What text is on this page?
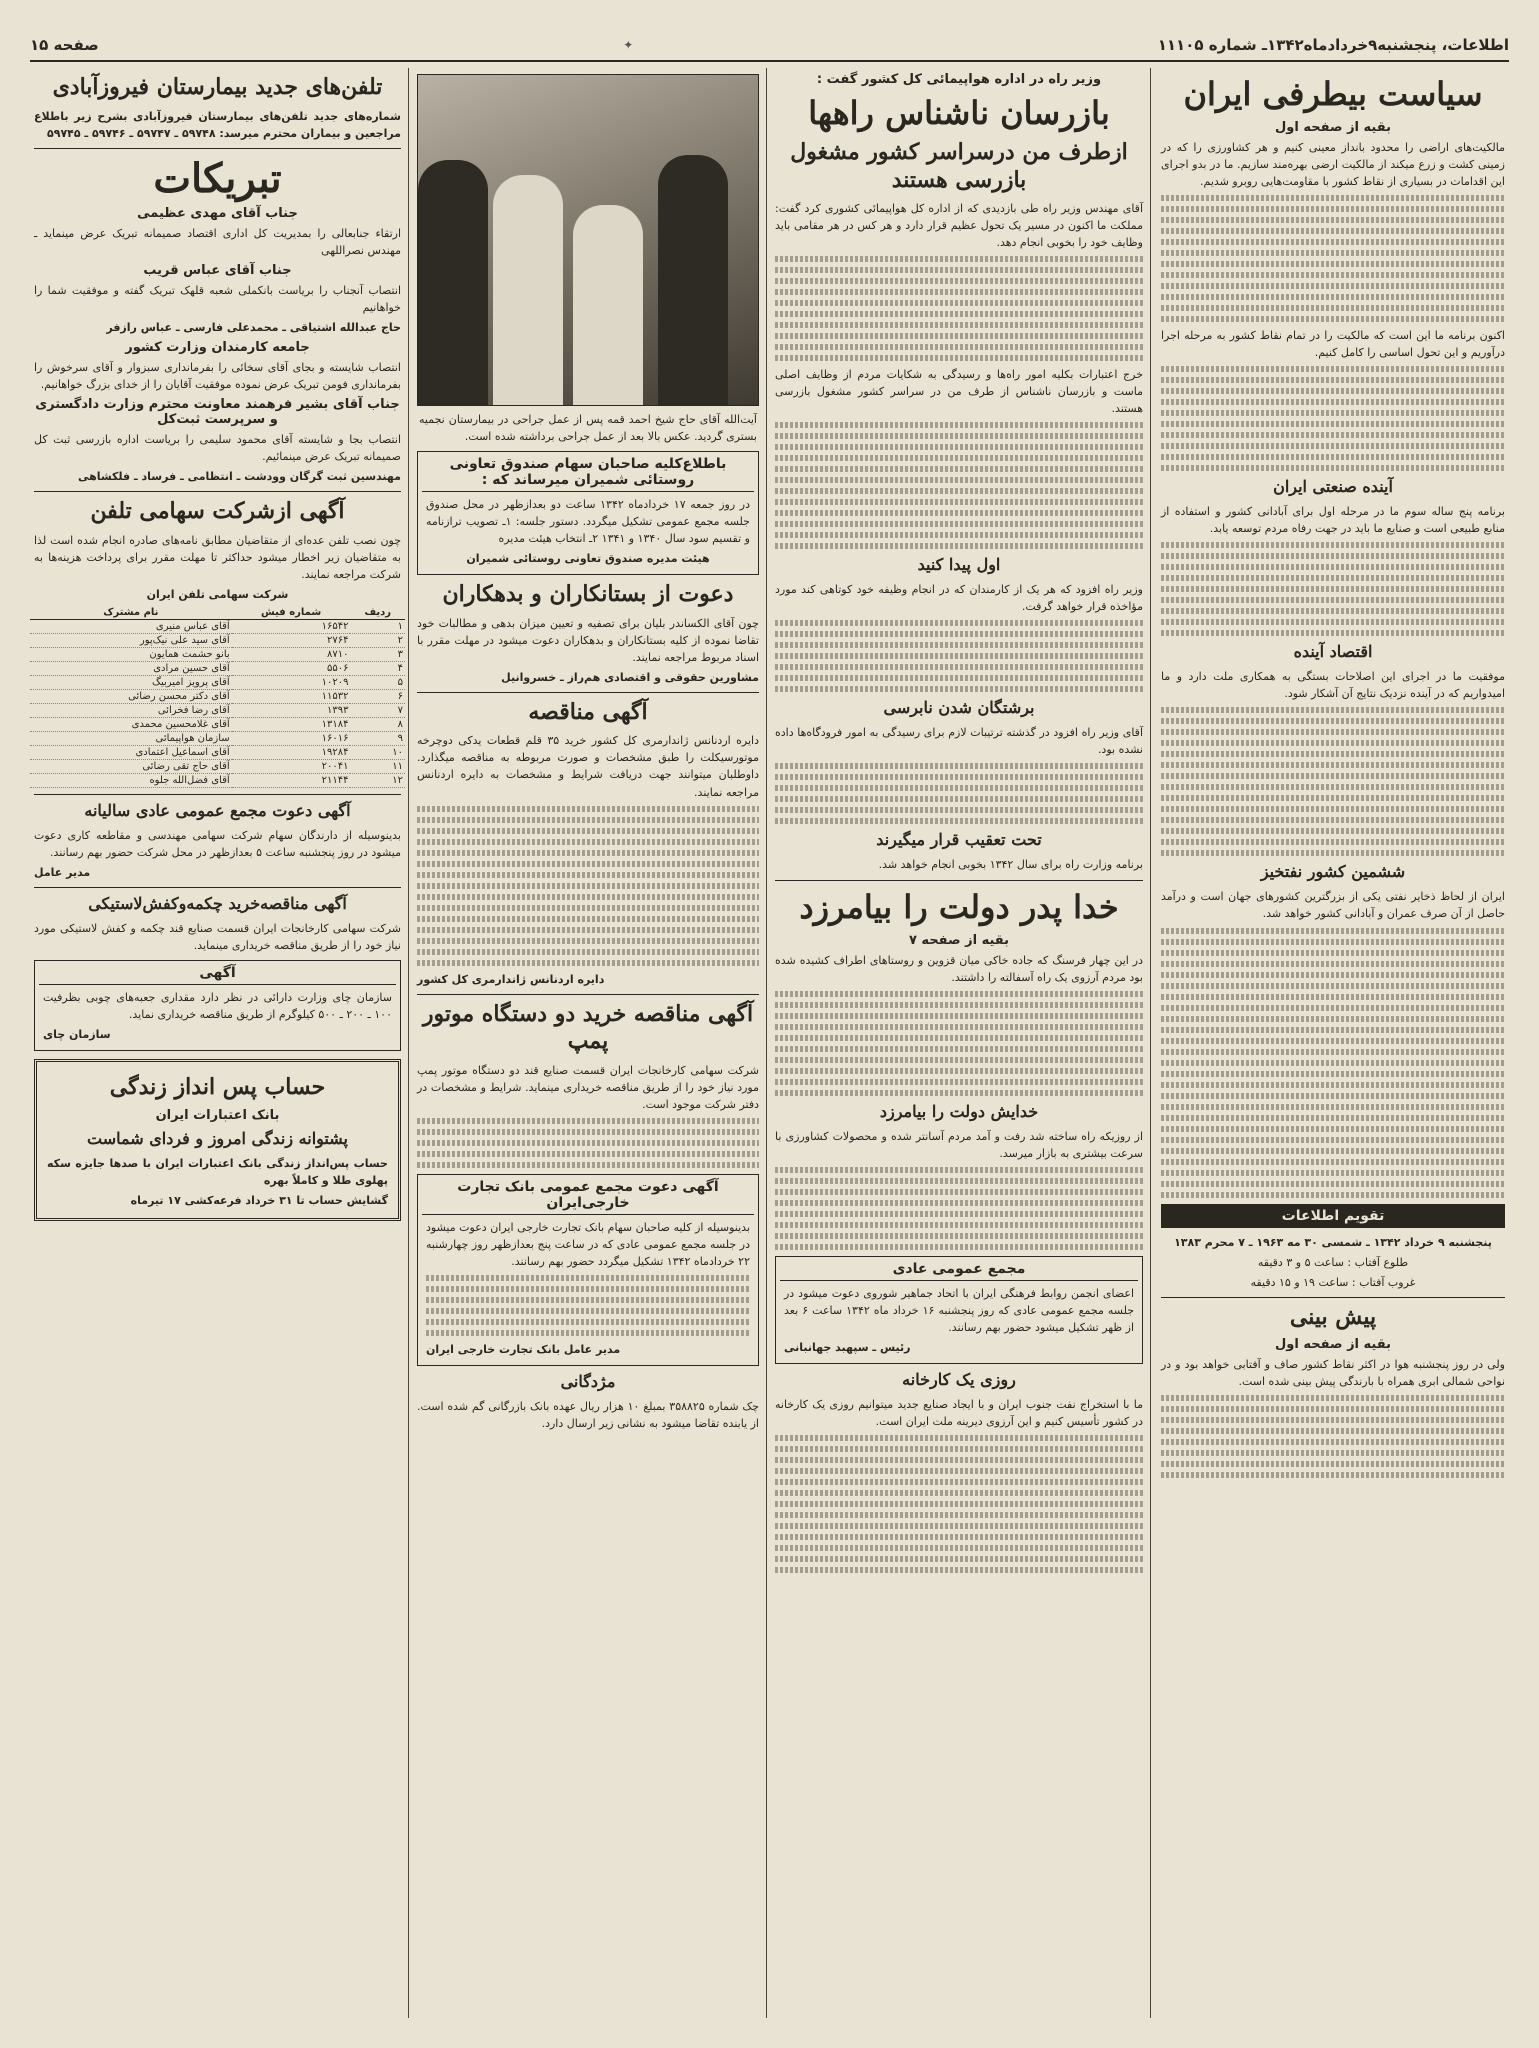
اطلاعات، پنجشنبه۹خردادماه۱۳۴۲ـ شماره ۱۱۱۰۵
✦
صفحه ۱۵
سیاست بیطرفی ایران
بقیه از صفحه اول
مالکیت‌های اراضی را محدود بانداز معینی کنیم و هر کشاورزی را که در زمینی کشت و زرع میکند از مالکیت ارضی بهره‌مند سازیم. ما در بدو اجرای این اقدامات در بسیاری از نقاط کشور با مقاومت‌هایی روبرو شدیم.
اکنون برنامه ما این است که مالکیت را در تمام نقاط کشور به مرحله اجرا درآوریم و این تحول اساسی را کامل کنیم.
آینده صنعتی ایران
برنامه پنج ساله سوم ما در مرحله اول برای آبادانی کشور و استفاده از منابع طبیعی است و صنایع ما باید در جهت رفاه مردم توسعه یابد.
اقتصاد آینده
موفقیت ما در اجرای این اصلاحات بستگی به همکاری ملت دارد و ما امیدواریم که در آینده نزدیک نتایج آن آشکار شود.
ششمین کشور نفتخیز
ایران از لحاظ ذخایر نفتی یکی از بزرگترین کشورهای جهان است و درآمد حاصل از آن صرف عمران و آبادانی کشور خواهد شد.
تقویم اطلاعات
پنجشنبه ۹ خرداد ۱۳۴۲ ـ شمسی ۳۰ مه ۱۹۶۳ ـ ۷ محرم ۱۳۸۳
طلوع آفتاب : ساعت ۵ و ۳ دقیقه
غروب آفتاب : ساعت ۱۹ و ۱۵ دقیقه
پیش بینی
بقیه از صفحه اول
ولی در روز پنجشنبه هوا در اکثر نقاط کشور صاف و آفتابی خواهد بود و در نواحی شمالی ابری همراه با بارندگی پیش بینی شده است.
وزیر راه در اداره هواپیمائی کل کشور گفت :
بازرسان ناشناس راهها
ازطرف من درسراسر کشور مشغول بازرسی هستند
آقای مهندس وزیر راه طی بازدیدی که از اداره کل هواپیمائی کشوری کرد گفت: مملکت ما اکنون در مسیر یک تحول عظیم قرار دارد و هر کس در هر مقامی باید وظایف خود را بخوبی انجام دهد.
خرج اعتبارات بکلیه امور راه‌ها و رسیدگی به شکایات مردم از وظایف اصلی ماست و بازرسان ناشناس از طرف من در سراسر کشور مشغول بازرسی هستند.
اول پیدا کنید
وزیر راه افزود که هر یک از کارمندان که در انجام وظیفه خود کوتاهی کند مورد مؤاخذه قرار خواهد گرفت.
برشتگان شدن نابرسی
آقای وزیر راه افزود در گذشته ترتیبات لازم برای رسیدگی به امور فرودگاه‌ها داده نشده بود.
تحت تعقیب قرار میگیرند
برنامه وزارت راه برای سال ۱۳۴۲ بخوبی انجام خواهد شد.
خدا پدر دولت را بیامرزد
بقیه از صفحه ۷
در این چهار فرسنگ که جاده خاکی میان قزوین و روستاهای اطراف کشیده شده بود مردم آرزوی یک راه آسفالته را داشتند.
خدایش دولت را بیامرزد
از روزیکه راه ساخته شد رفت و آمد مردم آسانتر شده و محصولات کشاورزی با سرعت بیشتری به بازار میرسد.
مجمع عمومی عادی
اعضای انجمن روابط فرهنگی ایران با اتحاد جماهیر شوروی دعوت میشود در جلسه مجمع عمومی عادی که روز پنجشنبه ۱۶ خرداد ماه ۱۳۴۲ ساعت ۶ بعد از ظهر تشکیل میشود حضور بهم رسانند.
رئیس ـ سپهبد جهانبانی
روزی یک کارخانه
ما با استخراج نفت جنوب ایران و با ایجاد صنایع جدید میتوانیم روزی یک کارخانه در کشور تأسیس کنیم و این آرزوی دیرینه ملت ایران است.
آیت‌الله آقای حاج شیخ احمد قمه پس از عمل جراحی در بیمارستان نجمیه بستری گردید. عکس بالا بعد از عمل جراحی برداشته شده است.
باطلاع‌کلیه صاحبان سهام صندوق تعاونی روستائی شمیران میرساند که :
در روز جمعه ۱۷ خردادماه ۱۳۴۲ ساعت دو بعدازظهر در محل صندوق جلسه مجمع عمومی تشکیل میگردد. دستور جلسه: ۱ـ تصویب ترازنامه و تقسیم سود سال ۱۳۴۰ و ۱۳۴۱ ۲ـ انتخاب هیئت مدیره
هیئت مدیره صندوق تعاونی روستائی شمیران
دعوت از بستانکاران و بدهکاران
چون آقای الکساندر بلیان برای تصفیه و تعیین میزان بدهی و مطالبات خود تقاضا نموده از کلیه بستانکاران و بدهکاران دعوت میشود در مهلت مقرر با اسناد مربوط مراجعه نمایند.
مشاورین حقوقی و اقتصادی هم‌راز ـ خسروانیل
آگهی مناقصه
دایره اردنانس ژاندارمری کل کشور خرید ۳۵ قلم قطعات یدکی دوچرخه موتورسیکلت را طبق مشخصات و صورت مربوطه به مناقصه میگذارد. داوطلبان میتوانند جهت دریافت شرایط و مشخصات به دایره اردنانس مراجعه نمایند.
دایره اردنانس ژاندارمری کل کشور
آگهی مناقصه خرید دو دستگاه موتور پمپ
شرکت سهامی کارخانجات ایران قسمت صنایع قند دو دستگاه موتور پمپ مورد نیاز خود را از طریق مناقصه خریداری مینماید. شرایط و مشخصات در دفتر شرکت موجود است.
آگهی دعوت مجمع عمومی بانک تجارت خارجی‌ایران
بدینوسیله از کلیه صاحبان سهام بانک تجارت خارجی ایران دعوت میشود در جلسه مجمع عمومی عادی که در ساعت پنج بعدازظهر روز چهارشنبه ۲۲ خردادماه ۱۳۴۲ تشکیل میگردد حضور بهم رسانند.
مدیر عامل بانک تجارت خارجی ایران
مژدگانی
چک شماره ۳۵۸۸۲۵ بمبلغ ۱۰ هزار ریال عهده بانک بازرگانی گم شده است. از یابنده تقاضا میشود به نشانی زیر ارسال دارد.
تلفن‌های جدید بیمارستان فیروزآبادی
شماره‌های جدید تلفن‌های بیمارستان فیروزآبادی بشرح زیر باطلاع مراجعین و بیماران محترم میرسد: ۵۹۷۴۸ ـ ۵۹۷۴۷ ـ ۵۹۷۴۶ ـ ۵۹۷۴۵
تبریکات
جناب آقای مهدی عظیمی
ارتقاء جنابعالی را بمدیریت کل اداری اقتصاد صمیمانه تبریک عرض مینماید ـ مهندس نصراللهی
جناب آقای عباس قریب
انتصاب آنجناب را بریاست بانکملی شعبه قلهک تبریک گفته و موفقیت شما را خواهانیم
حاج عبدالله اشتیاقی ـ محمدعلی فارسی ـ عباس رازفر
جامعه کارمندان وزارت کشور
انتصاب شایسته و بجای آقای سخائی را بفرمانداری سبزوار و آقای سرخوش را بفرمانداری فومن تبریک عرض نموده موفقیت آقایان را از خدای بزرگ خواهانیم.
جناب آقای بشیر فرهمند معاونت محترم وزارت دادگستری و سرپرست ثبت‌کل
انتصاب بجا و شایسته آقای محمود سلیمی را بریاست اداره بازرسی ثبت کل صمیمانه تبریک عرض مینمائیم.
مهندسین ثبت گرگان وودشت ـ انتظامی ـ فرساد ـ فلکشاهی
آگهی ازشرکت سهامی تلفن
چون نصب تلفن عده‌ای از متقاضیان مطابق نامه‌های صادره انجام شده است لذا به متقاضیان زیر اخطار میشود حداکثر تا مهلت مقرر برای پرداخت هزینه‌ها به شرکت مراجعه نمایند.
شرکت سهامی تلفن ایران
ردیف	شماره فیش	نام مشترک
۱	۱۶۵۴۲	آقای عباس منیری
۲	۲۷۶۴	آقای سید علی نیک‌پور
۳	۸۷۱۰	بانو حشمت همایون
۴	۵۵۰۶	آقای حسین مرادی
۵	۱۰۲۰۹	آقای پرویز امیربیگ
۶	۱۱۵۳۲	آقای دکتر محسن رضائی
۷	۱۳۹۳	آقای رضا فخرائی
۸	۱۳۱۸۴	آقای غلامحسین محمدی
۹	۱۶۰۱۶	سازمان هواپیمائی
۱۰	۱۹۲۸۴	آقای اسماعیل اعتمادی
۱۱	۲۰۰۴۱	آقای حاج تقی رضائی
۱۲	۲۱۱۴۴	آقای فضل‌الله جلوه
آگهی دعوت مجمع عمومی عادی سالیانه
بدینوسیله از دارندگان سهام شرکت سهامی مهندسی و مقاطعه کاری دعوت میشود در روز پنجشنبه ساعت ۵ بعدازظهر در محل شرکت حضور بهم رسانند.
مدیر عامل
آگهی مناقصه‌خرید چکمه‌وکفش‌لاستیکی
شرکت سهامی کارخانجات ایران قسمت صنایع قند چکمه و کفش لاستیکی مورد نیاز خود را از طریق مناقصه خریداری مینماید.
آگهی
سازمان چای وزارت دارائی در نظر دارد مقداری جعبه‌های چوبی بظرفیت ۱۰۰ ـ ۲۰۰ ـ ۵۰۰ کیلوگرم از طریق مناقصه خریداری نماید.
سازمان چای
حساب پس انداز زندگی
بانک اعتبارات ایران
پشتوانه زندگی امروز و فردای شماست
حساب پس‌انداز زندگی بانک اعتبارات ایران با صدها جایزه سکه پهلوی طلا و کاملاً بهره
گشایش حساب تا ۳۱ خرداد فرعه‌کشی ۱۷ تیرماه
